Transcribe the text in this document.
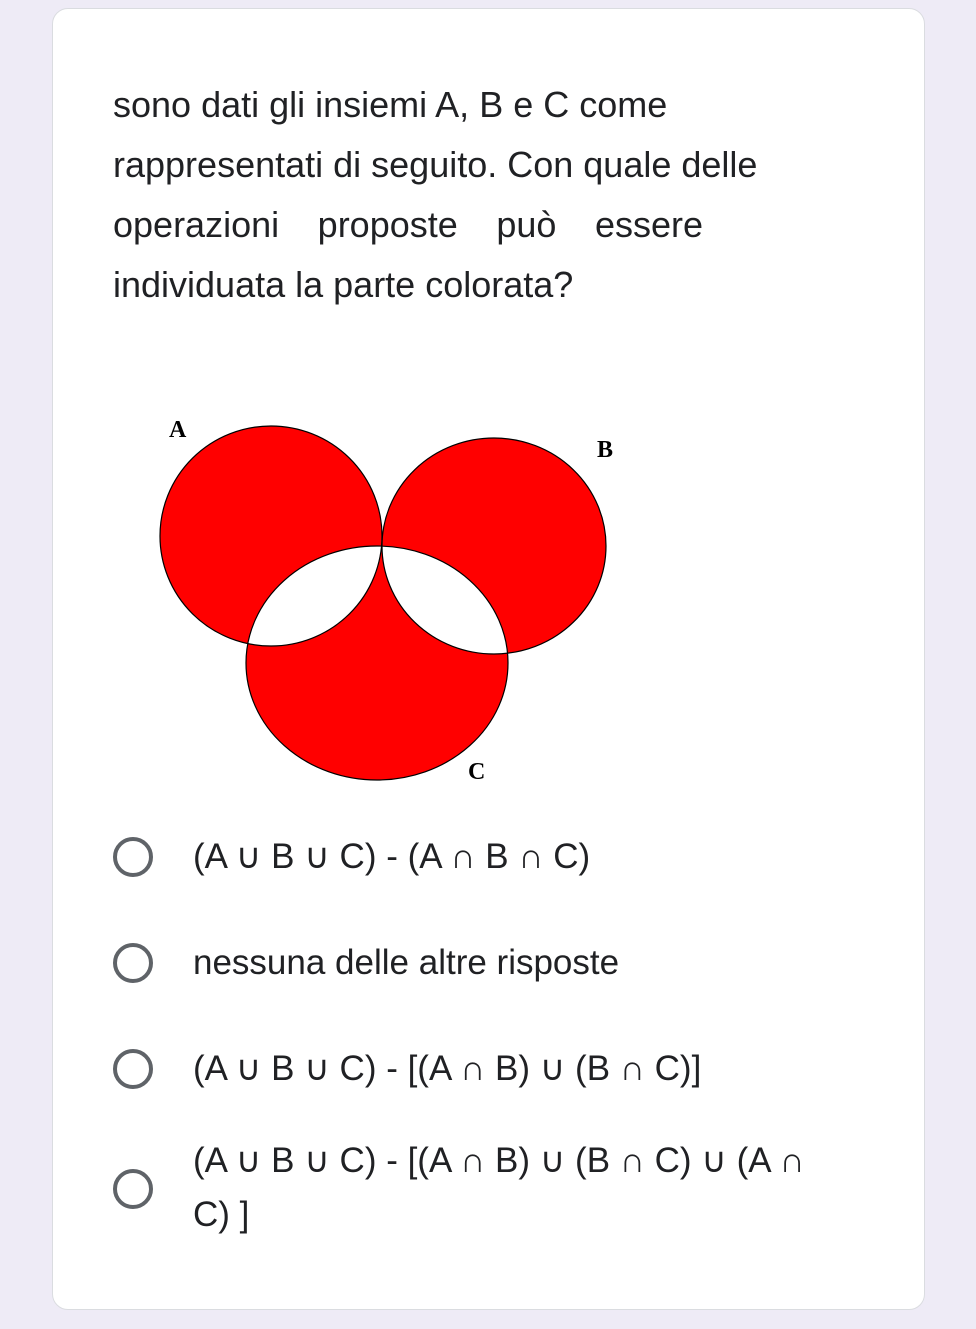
sono dati gli insiemi A, B e C come

rappresentati di seguito. Con quale delle

operazioni proposte può essere

individuata la parte colorata?

A
B
C
(A ∪ B ∪ C) - (A ∩ B ∩ C)
nessuna delle altre risposte
(A ∪ B ∪ C) - [(A ∩ B) ∪ (B ∩ C)]
(A ∪ B ∪ C) - [(A ∩ B) ∪ (B ∩ C) ∪ (A ∩
C) ]
